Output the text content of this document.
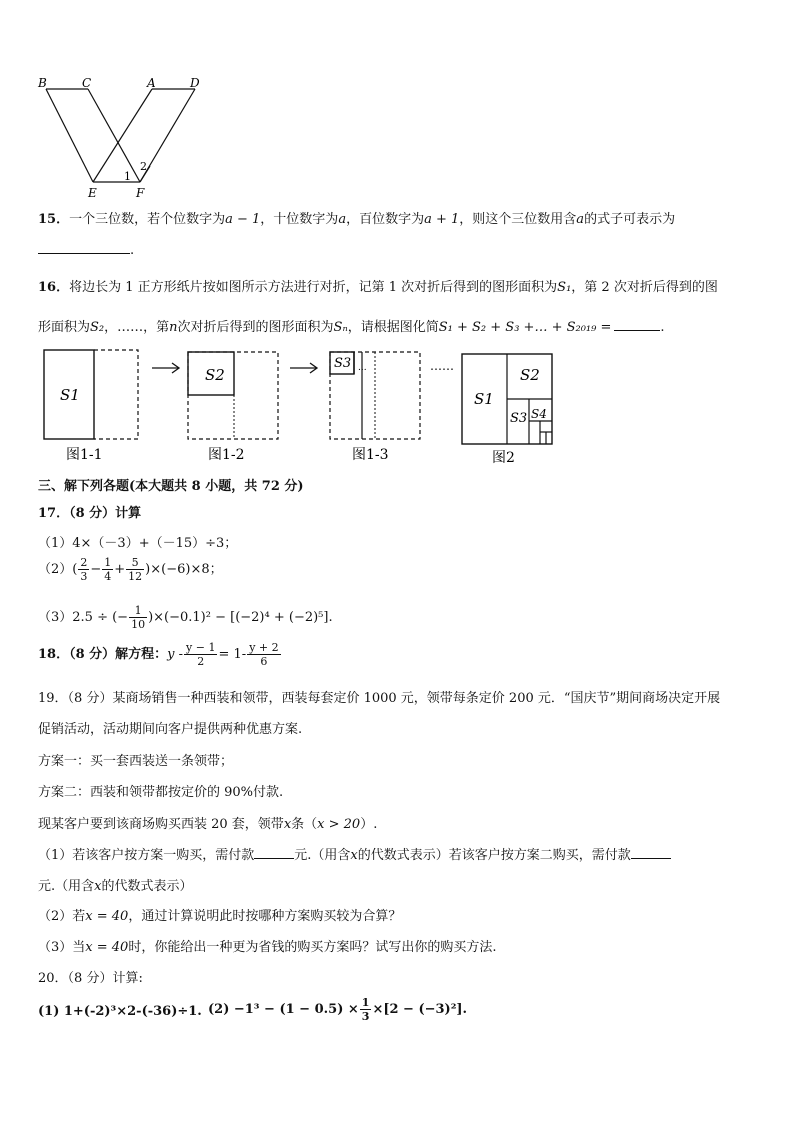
B	C	A	D
E	F
1
2
15．一个三位数，若个位数字为a − 1，十位数字为a，百位数字为a + 1，则这个三位数用含a的式子可表示为
.
16．将边长为 1 正方形纸片按如图所示方法进行对折，记第 1 次对折后得到的图形面积为S₁，第 2 次对折后得到的图
形面积为S₂，……，第n次对折后得到的图形面积为Sₙ，请根据图化简S₁ + S₂ + S₃ +… + S₂₀₁₉ =	.
S1
图1-1
S2
图1-2
S3 ...
图1-3
……
S1
S2
S3 S4
图2
三、解下列各题(本大题共 8 小题，共 72 分)
17．（8 分）计算
（1）4×（－3）+（－15）÷3；
$(2)( \frac{2}{3} - \frac{1}{4} + \frac{5}{12} )\times(-6)\times 8$；
（3）2.5 ÷ (− $\frac{1}{10} )\times(-0.1)^2 - [(-2)^4 + (-2)^5]$.
18．（8 分）解方程：$y - \frac{y - 1}{2} = 1- \frac{y + 2}{6}$
19．（8 分）某商场销售一种西装和领带，西装每套定价 1000 元，领带每条定价 200 元．“国庆节”期间商场决定开展
促销活动，活动期间向客户提供两种优惠方案.
方案一：买一套西装送一条领带；
方案二：西装和领带都按定价的 90%付款.
现某客户要到该商场购买西装 20 套，领带x条（x > 20）.
（1）若该客户按方案一购买，需付款	元.（用含x的代数式表示）若该客户按方案二购买，需付款
元.（用含x的代数式表示）
（2）若x = 40，通过计算说明此时按哪种方案购买较为合算？
（3）当x = 40时，你能给出一种更为省钱的购买方案吗？试写出你的购买方法.
20．（8 分）计算:
(1) 1+(-2)³×2-(-36)÷1. $(2) -1^3 - (1 - 0.5) \times \frac{1}{3} \times[2 - (-3)^2]$.
